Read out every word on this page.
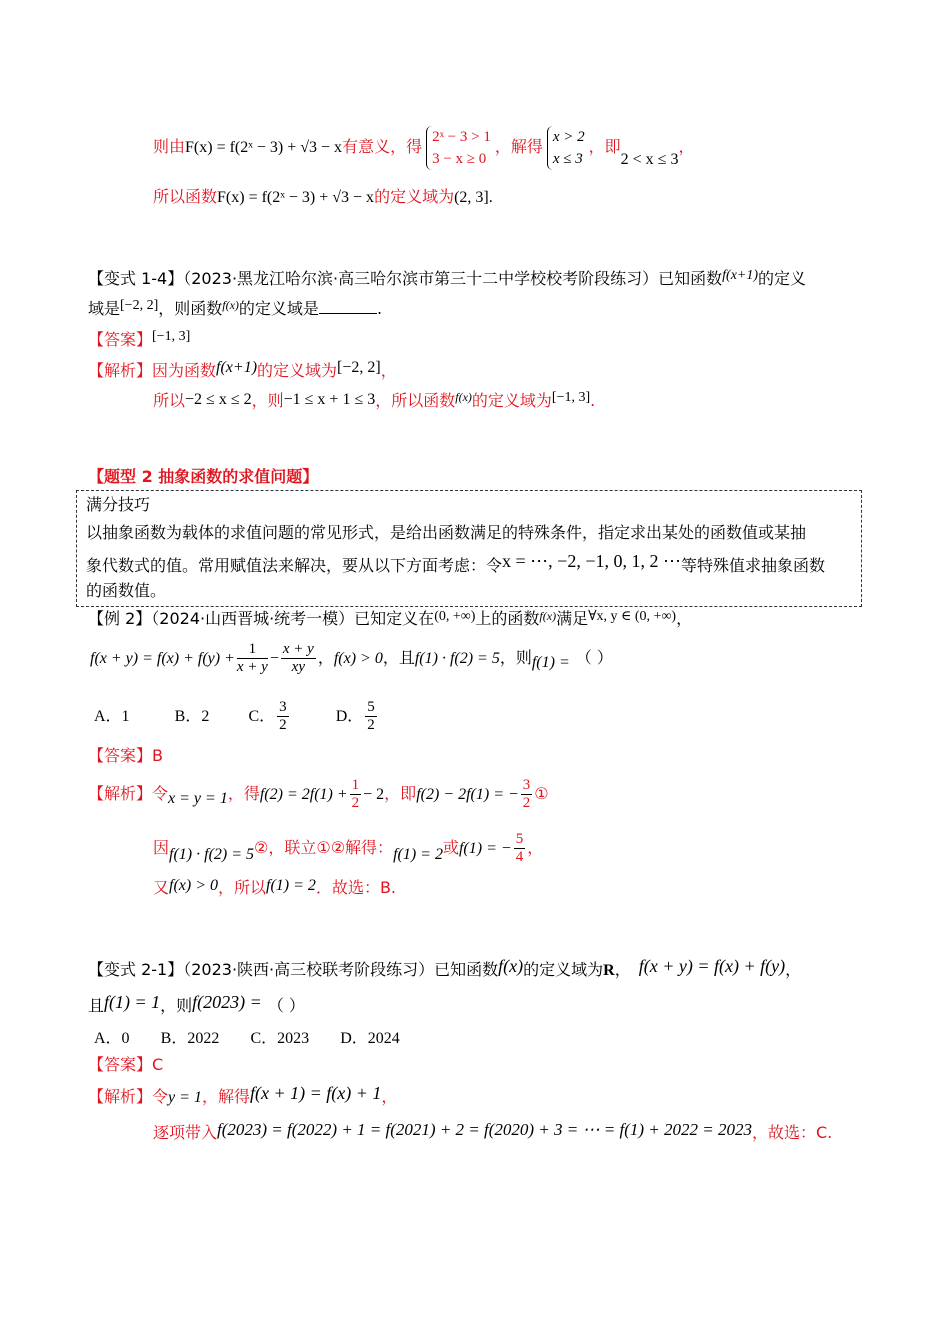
则由F(x) = f(2ˣ − 3) + √3 − x有意义，得
2ˣ − 3 > 1
3 − x ≥ 0
，解得
x > 2
x ≤ 3
，即2 < x ≤ 3，
所以函数F(x) = f(2ˣ − 3) + √3 − x的定义域为(2, 3].
【变式 1-4】（2023·黑龙江哈尔滨·高三哈尔滨市第三十二中学校校考阶段练习）已知函数f(x+1)的定义
域是[−2, 2]，则函数$^{f(x)}$的定义域是	.
【答案】[−1, 3]
【解析】因为函数f(x+1)的定义域为[−2, 2]，
所以−2 ≤ x ≤ 2，则−1 ≤ x + 1 ≤ 3，所以函数$^{f(x)}$的定义域为[−1, 3].
【题型 2 抽象函数的求值问题】
满分技巧
以抽象函数为载体的求值问题的常见形式，是给出函数满足的特殊条件，指定求出某处的函数值或某抽
象代数式的值。常用赋值法来解决，要从以下方面考虑：令x = ⋯, −2, −1, 0, 1, 2 ⋯等特殊值求抽象函数
的函数值。
【例 2】（2024·山西晋城·统考一模）已知定义在(0, +∞)上的函数$^{f(x)}$满足∀x, y ∈ (0, +∞)，
$f(x + y) = f(x) + f(y) + \frac{1}{x + y} - \frac{x + y}{xy}$ ，f(x) > 0，且f(1) · f(2) = 5，则f(1) = （ ）
A．1	B．2 C． $\frac{3}{2}$	D． $\frac{5}{2}$
【答案】B
【解析】令x = y = 1，得$f(2) = 2f(1) + \frac{1}{2} - 2$，即f(2) − 2f(1) = − $\frac{3}{2}$ ①
因f(1) · f(2) = 5②，联立①②解得：f(1) = 2或f(1) = − $\frac{5}{4}$ ，
又f(x) > 0，所以f(1) = 2．故选：B.
【变式 2-1】（2023·陕西·高三校联考阶段练习）已知函数f(x)的定义域为R， f(x + y) = f(x) + f(y)，
且f(1) = 1，则f(2023) = （ ）
A．0 B．2022 C．2023 D．2024
【答案】C
【解析】令y = 1，解得f(x + 1) = f(x) + 1，
逐项带入f(2023) = f(2022) + 1 = f(2021) + 2 = f(2020) + 3 = ⋯ = f(1) + 2022 = 2023，故选：C.
